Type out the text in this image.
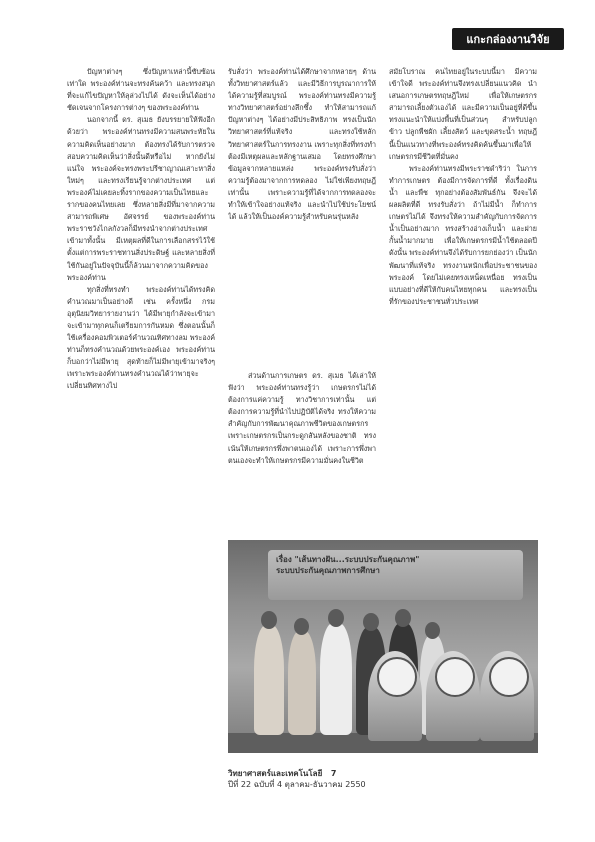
แกะกล่องงานวิจัย

ปัญหาต่างๆ ซึ่งปัญหาเหล่านี้ซับซ้อน เท่าใด พระองค์ท่านจะทรงค้นคว้า และทรงสนุกที่จะแก้ไขปัญหาให้ลุล่วงไปได้ ดังจะเห็นได้อย่างชัดเจนจากโครงการต่างๆ ของพระองค์ท่าน

นอกจากนี้ ดร. สุเมธ ยังบรรยายให้ฟังอีกด้วยว่า พระองค์ท่านทรงมีความสนพระทัยในความคิดเห็นอย่างมาก ต้องทรงได้รับการตรวจสอบความคิดเห็นว่าสิ่งนั้นดีหรือไม่ หากยังไม่แน่ใจ พระองค์จะทรงพระปรีชาญาณเสาะหาสิ่งใหม่ๆ และทรงเรียนรู้จากต่างประเทศ แต่พระองค์ไม่เคยละทิ้งรากของความเป็นไทยและรากของคนไทยเลย ซึ่งหลายสิ่งมีที่มาจากความสามารถพิเศษ อัศจรรย์ ของพระองค์ท่าน พระราชวังไกลกังวลก็มีทรงนำจากต่างประเทศเข้ามาทั้งนั้น มีเหตุผลที่ดีในการเลือกสรรไว้ใช้ ตั้งแต่การพระราชทานสิ่งประดิษฐ์ และหลายสิ่งที่ใช้กันอยู่ในปัจจุบันนี้ก็ล้วนมาจากความคิดของพระองค์ท่าน

ทุกสิ่งที่ทรงทำ พระองค์ท่านได้ทรงคิดคำนวณมาเป็นอย่างดี เช่น ครั้งหนึ่ง กรมอุตุนิยมวิทยารายงานว่า ได้มีพายุกำลังจะเข้ามา จะเข้ามาทุกคนก็เตรียมการกันหมด ซึ่งตอนนั้นก็ใช้เครื่องคอมพิวเตอร์คำนวณทิศทางลม พระองค์ท่านก็ทรงคำนวณด้วยพระองค์เอง พระองค์ท่านก็บอกว่าไม่มีพายุ สุดท้ายก็ไม่มีพายุเข้ามาจริงๆ เพราะพระองค์ท่านทรงคำนวณได้ว่าพายุจะเปลี่ยนทิศทางไป

รับสั่งว่า พระองค์ท่านได้ศึกษาจากหลายๆ ด้านทั้งวิทยาศาสตร์แล้ว และมีวิธีการบูรณาการให้ได้ความรู้ที่สมบูรณ์ พระองค์ท่านทรงมีความรู้ทางวิทยาศาสตร์อย่างลึกซึ้ง ทำให้สามารถแก้ปัญหาต่างๆ ได้อย่างมีประสิทธิภาพ ทรงเป็นนักวิทยาศาสตร์ที่แท้จริง และทรงใช้หลักวิทยาศาสตร์ในการทรงงาน เพราะทุกสิ่งที่ทรงทำต้องมีเหตุผลและหลักฐานเสมอ โดยทรงศึกษาข้อมูลจากหลายแหล่ง พระองค์ทรงรับสั่งว่า ความรู้ต้องมาจากการทดลอง ไม่ใช่เพียงทฤษฎีเท่านั้น เพราะความรู้ที่ได้จากการทดลองจะทำให้เข้าใจอย่างแท้จริง และนำไปใช้ประโยชน์ได้ แล้วให้เป็นองค์ความรู้สำหรับคนรุ่นหลัง

ส่วนด้านการเกษตร ดร. สุเมธ ได้เล่าให้ฟังว่า พระองค์ท่านทรงรู้ว่า เกษตรกรไม่ได้ต้องการแค่ความรู้ ทางวิชาการเท่านั้น แต่ต้องการความรู้ที่นำไปปฏิบัติได้จริง ทรงให้ความสำคัญกับการพัฒนาคุณภาพชีวิตของเกษตรกร เพราะเกษตรกรเป็นกระดูกสันหลังของชาติ ทรงเน้นให้เกษตรกรพึ่งพาตนเองได้ เพราะการพึ่งพาตนเองจะทำให้เกษตรกรมีความมั่นคงในชีวิต

สมัยโบราณ คนไทยอยู่ในระบบนี้มา มีความเข้าใจดี พระองค์ท่านจึงทรงเปลี่ยนแนวคิด นำเสนอการเกษตรทฤษฎีใหม่ เพื่อให้เกษตรกรสามารถเลี้ยงตัวเองได้ และมีความเป็นอยู่ที่ดีขึ้น ทรงแนะนำให้แบ่งพื้นที่เป็นส่วนๆ สำหรับปลูกข้าว ปลูกพืชผัก เลี้ยงสัตว์ และขุดสระน้ำ ทฤษฎีนี้เป็นแนวทางที่พระองค์ทรงคิดค้นขึ้นมาเพื่อให้เกษตรกรมีชีวิตที่มั่นคง

พระองค์ท่านทรงมีพระราชดำริว่า ในการทำการเกษตร ต้องมีการจัดการที่ดี ทั้งเรื่องดิน น้ำ และพืช ทุกอย่างต้องสัมพันธ์กัน จึงจะได้ผลผลิตที่ดี ทรงรับสั่งว่า ถ้าไม่มีน้ำ ก็ทำการเกษตรไม่ได้ จึงทรงให้ความสำคัญกับการจัดการน้ำเป็นอย่างมาก ทรงสร้างอ่างเก็บน้ำ และฝายกั้นน้ำมากมาย เพื่อให้เกษตรกรมีน้ำใช้ตลอดปี ดังนั้น พระองค์ท่านจึงได้รับการยกย่องว่า เป็นนักพัฒนาที่แท้จริง ทรงงานหนักเพื่อประชาชนของพระองค์ โดยไม่เคยทรงเหน็ดเหนื่อย ทรงเป็นแบบอย่างที่ดีให้กับคนไทยทุกคน และทรงเป็นที่รักของประชาชนทั่วประเทศ

เรื่อง "เส้นทางฝัน...ระบบประกันคุณภาพ"
ระบบประกันคุณภาพการศึกษา
วิทยาศาสตร์และเทคโนโลยี 7
ปีที่ 22 ฉบับที่ 4 ตุลาคม-ธันวาคม 2550
